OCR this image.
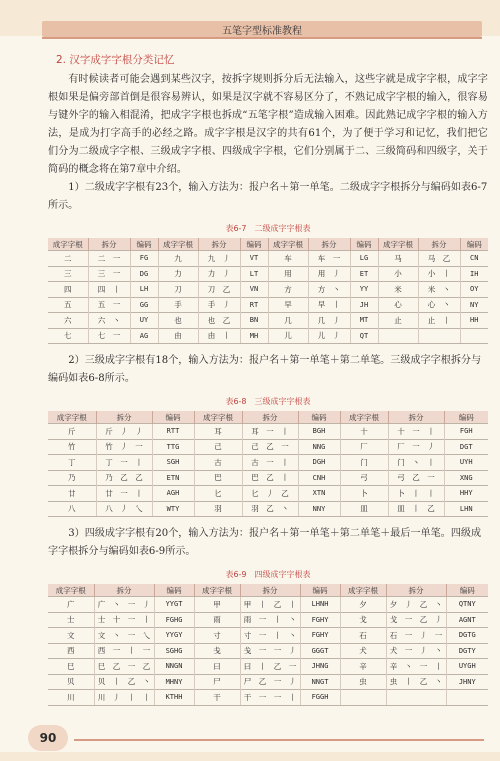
五笔字型标准教程
2. 汉字成字字根分类记忆

有时候读者可能会遇到某些汉字，按拆字规则拆分后无法输入，这些字就是成字字根，成字字根如果是偏旁部首倒是很容易辨认，如果是汉字就不容易区分了，不熟记成字字根的输入，很容易与键外字的输入相混淆，把成字字根也拆成“五笔字根”造成输入困难。因此熟记成字字根的输入方法，是成为打字高手的必经之路。成字字根是汉字的共有61个，为了便于学习和记忆，我们把它们分为二级成字字根、三级成字字根、四级成字字根，它们分别属于二、三级简码和四级字，关于简码的概念将在第7章中介绍。

1）二级成字字根有23个，输入方法为：报户名＋第一单笔。二级成字字根拆分与编码如表6-7所示。

表6-7　二级成字字根表
成字字根	拆分	编码	成字字根	拆分	编码	成字字根	拆分	编码	成字字根	拆分	编码
二	二　一	FG	九	九　丿	VT	车	车　一	LG	马	马　乙	CN
三	三　一	DG	力	力　丿	LT	用	用　丿	ET	小	小　丨	IH
四	四　丨	LH	刀	刀　乙	VN	方	方　丶	YY	米	米　丶	OY
五	五　一	GG	手	手　丿	RT	早	早　丨	JH	心	心　丶	NY
六	六　丶	UY	也	也　乙	BN	几	几　丿	MT	止	止　丨	HH
七	七　一	AG	由	由　丨	MH	儿	儿　丿	QT			

2）三级成字字根有18个，输入方法为：报户名＋第一单笔＋第二单笔。三级成字字根拆分与编码如表6-8所示。

表6-8　三级成字字根表
成字字根	拆分	编码	成字字根	拆分	编码	成字字根	拆分	编码
斤	斤　丿　丿	RTT	耳	耳　一　丨	BGH	十	十　一　丨	FGH
竹	竹　丿　一	TTG	己	己　乙　一	NNG	厂	厂　一　丿	DGT
丁	丁　一　丨	SGH	古	古　一　丨	DGH	门	门　丶　丨	UYH
乃	乃　乙　乙	ETN	巴	巴　乙　丨	CNH	弓	弓　乙　一	XNG
廿	廿　一　丨	AGH	匕	匕　丿　乙	XTN	卜	卜　丨　丨	HHY
八	八　丿　乀	WTY	羽	羽　乙　丶	NNY	皿	皿　丨　乙	LHN

3）四级成字字根有20个，输入方法为：报户名＋第一单笔＋第二单笔＋最后一单笔。四级成字字根拆分与编码如表6-9所示。

表6-9　四级成字字根表
成字字根	拆分	编码	成字字根	拆分	编码	成字字根	拆分	编码
广	广　丶　一　丿	YYGT	甲	甲　丨　乙　丨	LHNH	夕	夕　丿　乙　丶	QTNY
士	士　十　一　丨	FGHG	雨	雨　一　丨　丶	FGHY	戈	戈　一　乙　丿	AGNT
文	文　丶　一　乀	YYGY	寸	寸　一　丨　丶	FGHY	石	石　一　丿　一	DGTG
西	西　一　丨　一	SGHG	戋	戋　一　一　丿	GGGT	犬	犬　一　丿　丶	DGTY
巳	巳　乙　一　乙	NNGN	曰	曰　丨　乙　一	JHNG	辛	辛　丶　一　丨	UYGH
贝	贝　丨　乙　丶	MHNY	尸	尸　乙　一　丿	NNGT	虫	虫　丨　乙　丶	JHNY
川	川　丿　丨　丨	KTHH	干	干　一　一　丨	FGGH			
90
